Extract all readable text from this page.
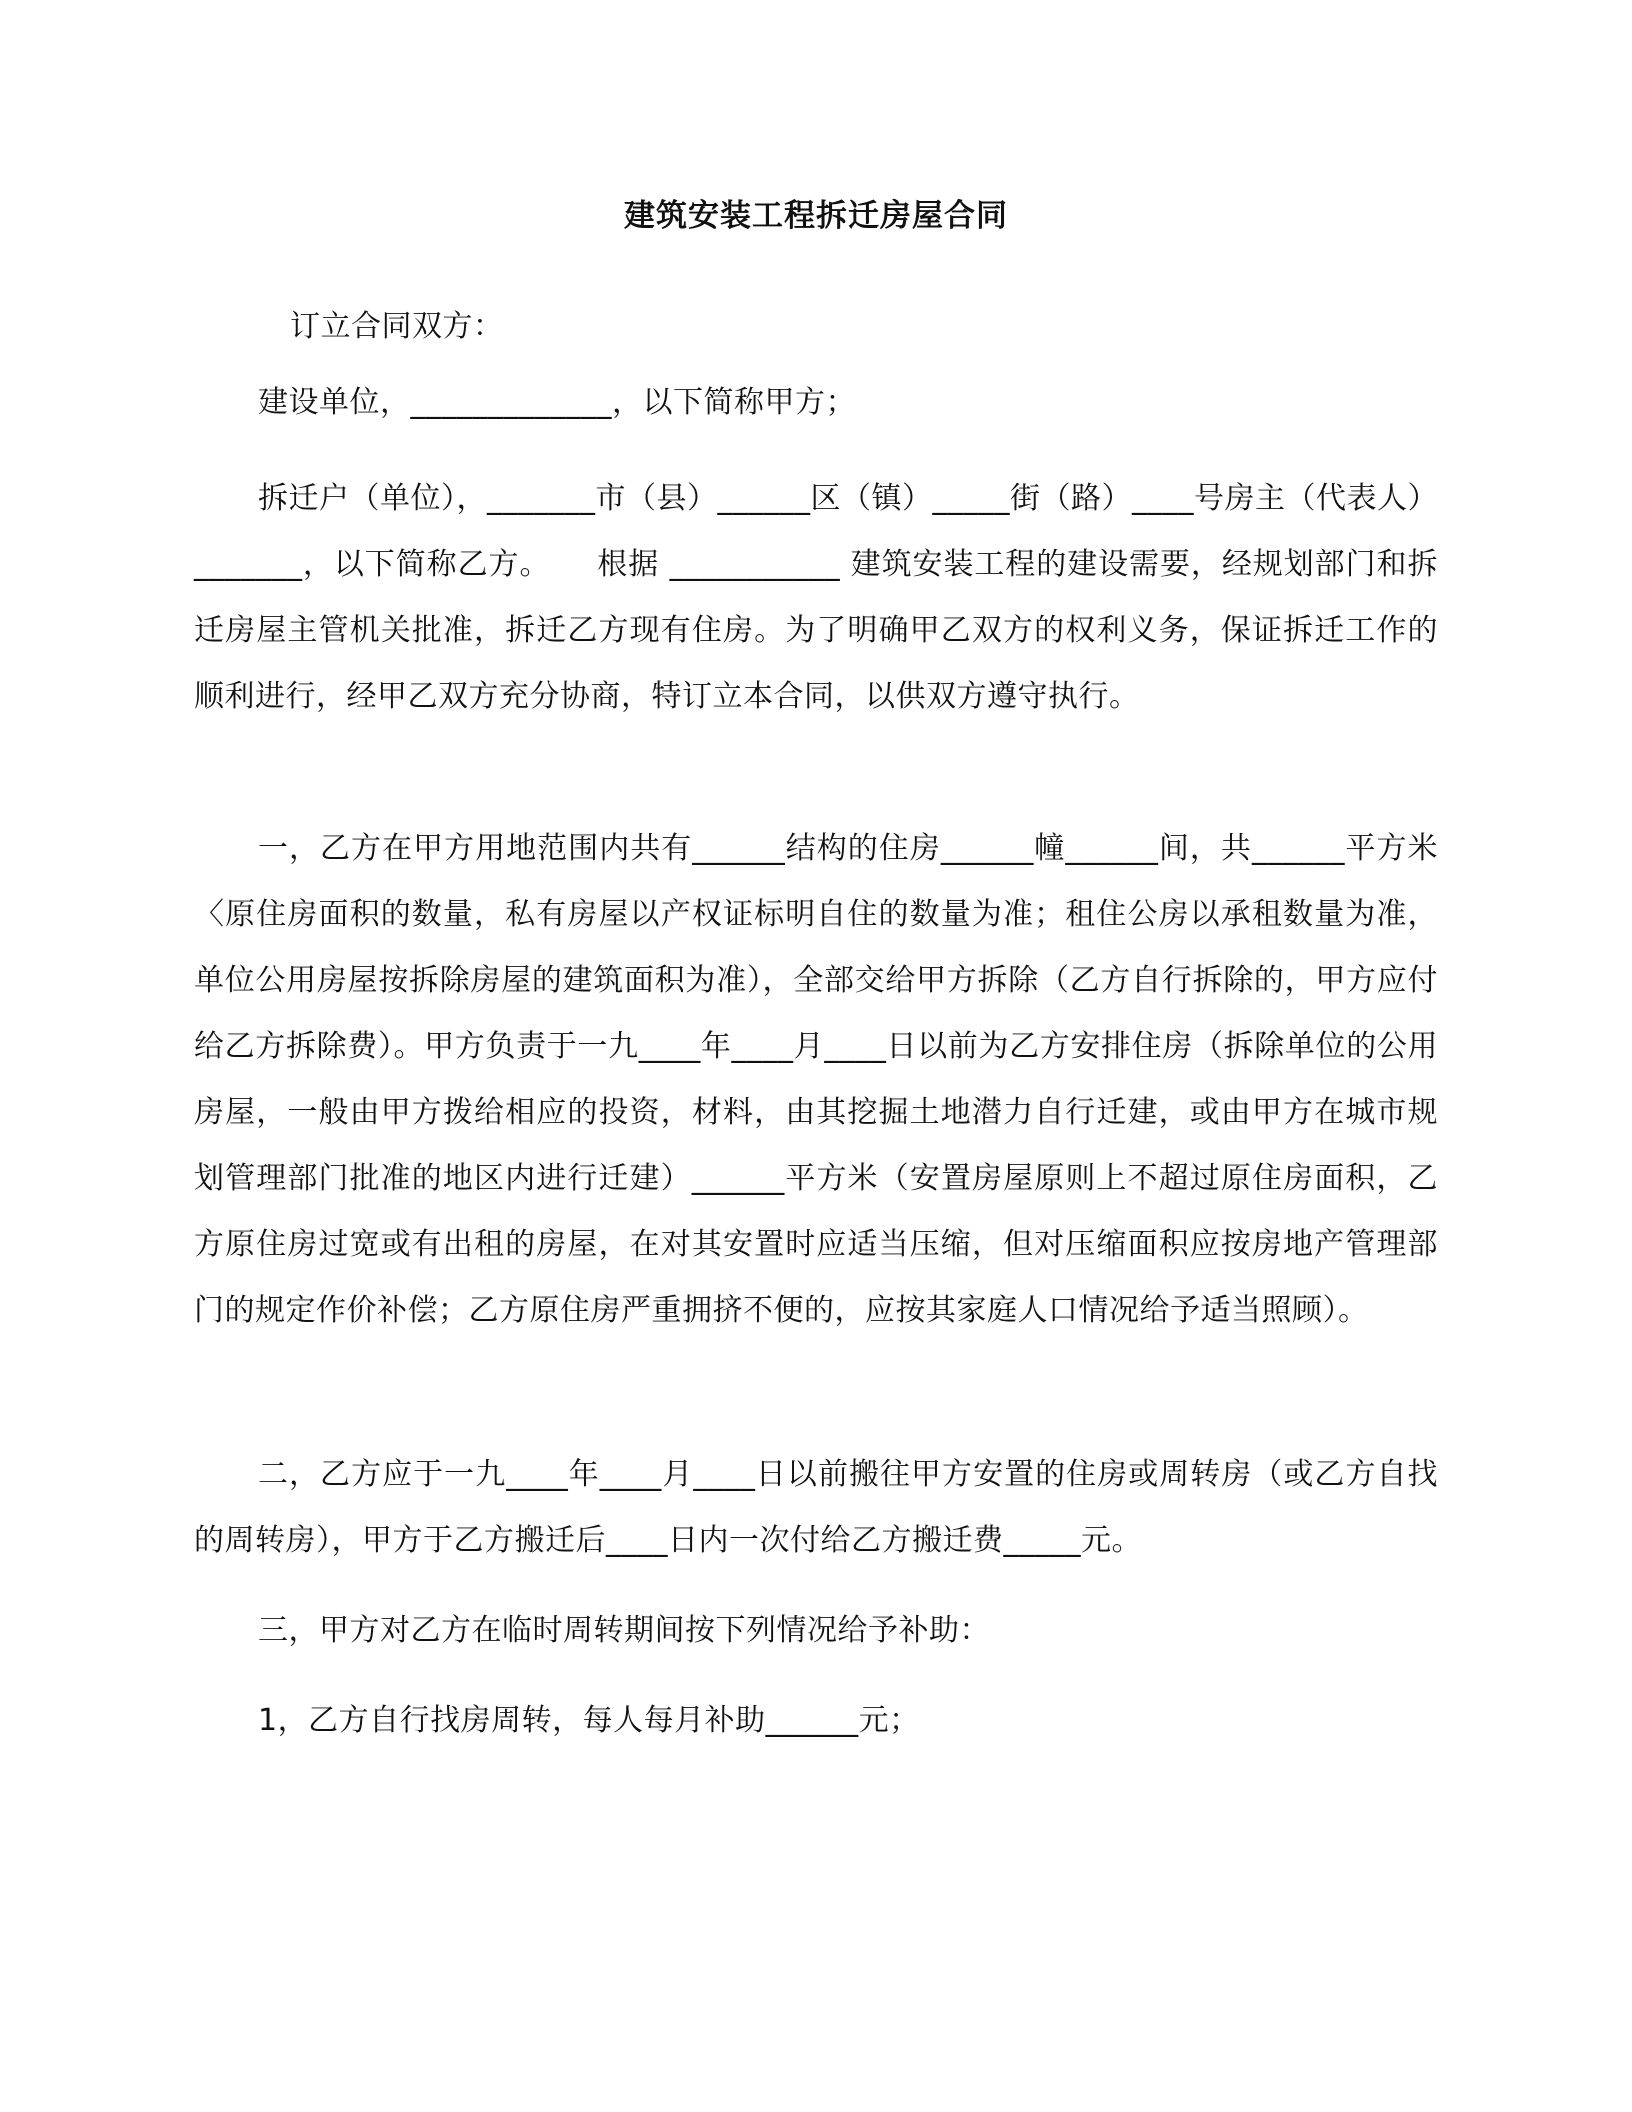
建筑安装工程拆迁房屋合同
订立合同双方：
建设单位，_____________，以下简称甲方；
拆迁户（单位），_______市（县）______区（镇）_____街（路）____号房主（代表人）_______，以下简称乙方。　　根据 ___________ 建筑安装工程的建设需要，经规划部门和拆迁房屋主管机关批准，拆迁乙方现有住房。为了明确甲乙双方的权利义务，保证拆迁工作的顺利进行，经甲乙双方充分协商，特订立本合同，以供双方遵守执行。
一，乙方在甲方用地范围内共有______结构的住房______幢______间，共______平方米〈原住房面积的数量，私有房屋以产权证标明自住的数量为准；租住公房以承租数量为准，单位公用房屋按拆除房屋的建筑面积为准），全部交给甲方拆除（乙方自行拆除的，甲方应付给乙方拆除费）。甲方负责于一九____年____月____日以前为乙方安排住房（拆除单位的公用房屋，一般由甲方拨给相应的投资，材料，由其挖掘土地潜力自行迁建，或由甲方在城市规划管理部门批准的地区内进行迁建）______平方米（安置房屋原则上不超过原住房面积，乙方原住房过宽或有出租的房屋，在对其安置时应适当压缩，但对压缩面积应按房地产管理部门的规定作价补偿；乙方原住房严重拥挤不便的，应按其家庭人口情况给予适当照顾）。
二，乙方应于一九____年____月____日以前搬往甲方安置的住房或周转房（或乙方自找的周转房），甲方于乙方搬迁后____日内一次付给乙方搬迁费_____元。
三，甲方对乙方在临时周转期间按下列情况给予补助：
1，乙方自行找房周转，每人每月补助______元；
